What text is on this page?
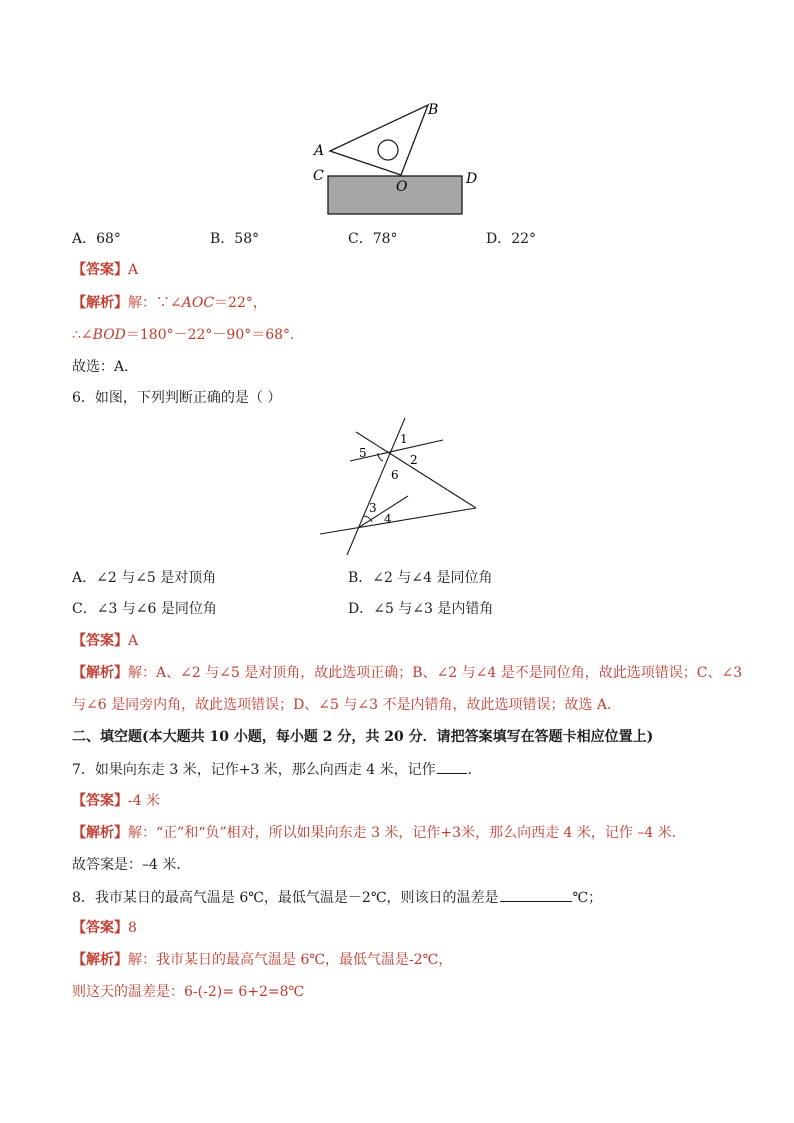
A
B
C
O	D
A．68°	B．58°	C．78°	D．22°
【答案】A
【解析】解：∵∠AOC＝22°，
∴∠BOD＝180°－22°－90°＝68°．
故选：A．
6．如图，下列判断正确的是（ ）
1
2
5
6
3
4
A．∠2 与∠5 是对顶角	B．∠2 与∠4 是同位角
C．∠3 与∠6 是同位角	D．∠5 与∠3 是内错角
【答案】A
【解析】解：A、∠2 与∠5 是对顶角，故此选项正确；B、∠2 与∠4 是不是同位角，故此选项错误；C、∠3
与∠6 是同旁内角，故此选项错误；D、∠5 与∠3 不是内错角，故此选项错误；故选 A．
二、填空题(本大题共 10 小题，每小题 2 分，共 20 分．请把答案填写在答题卡相应位置上)
7．如果向东走 3 米，记作+3 米，那么向西走 4 米，记作 ．
【答案】-4 米
【解析】解：“正”和“负”相对，所以如果向东走 3 米，记作+3米，那么向西走 4 米，记作 –4 米．
故答案是：–4 米．
8．我市某日的最高气温是 6℃，最低气温是－2℃，则该日的温差是	℃；
【答案】8
【解析】解：我市某日的最高气温是 6℃，最低气温是-2℃，
则这天的温差是：6-(-2)= 6+2=8℃
